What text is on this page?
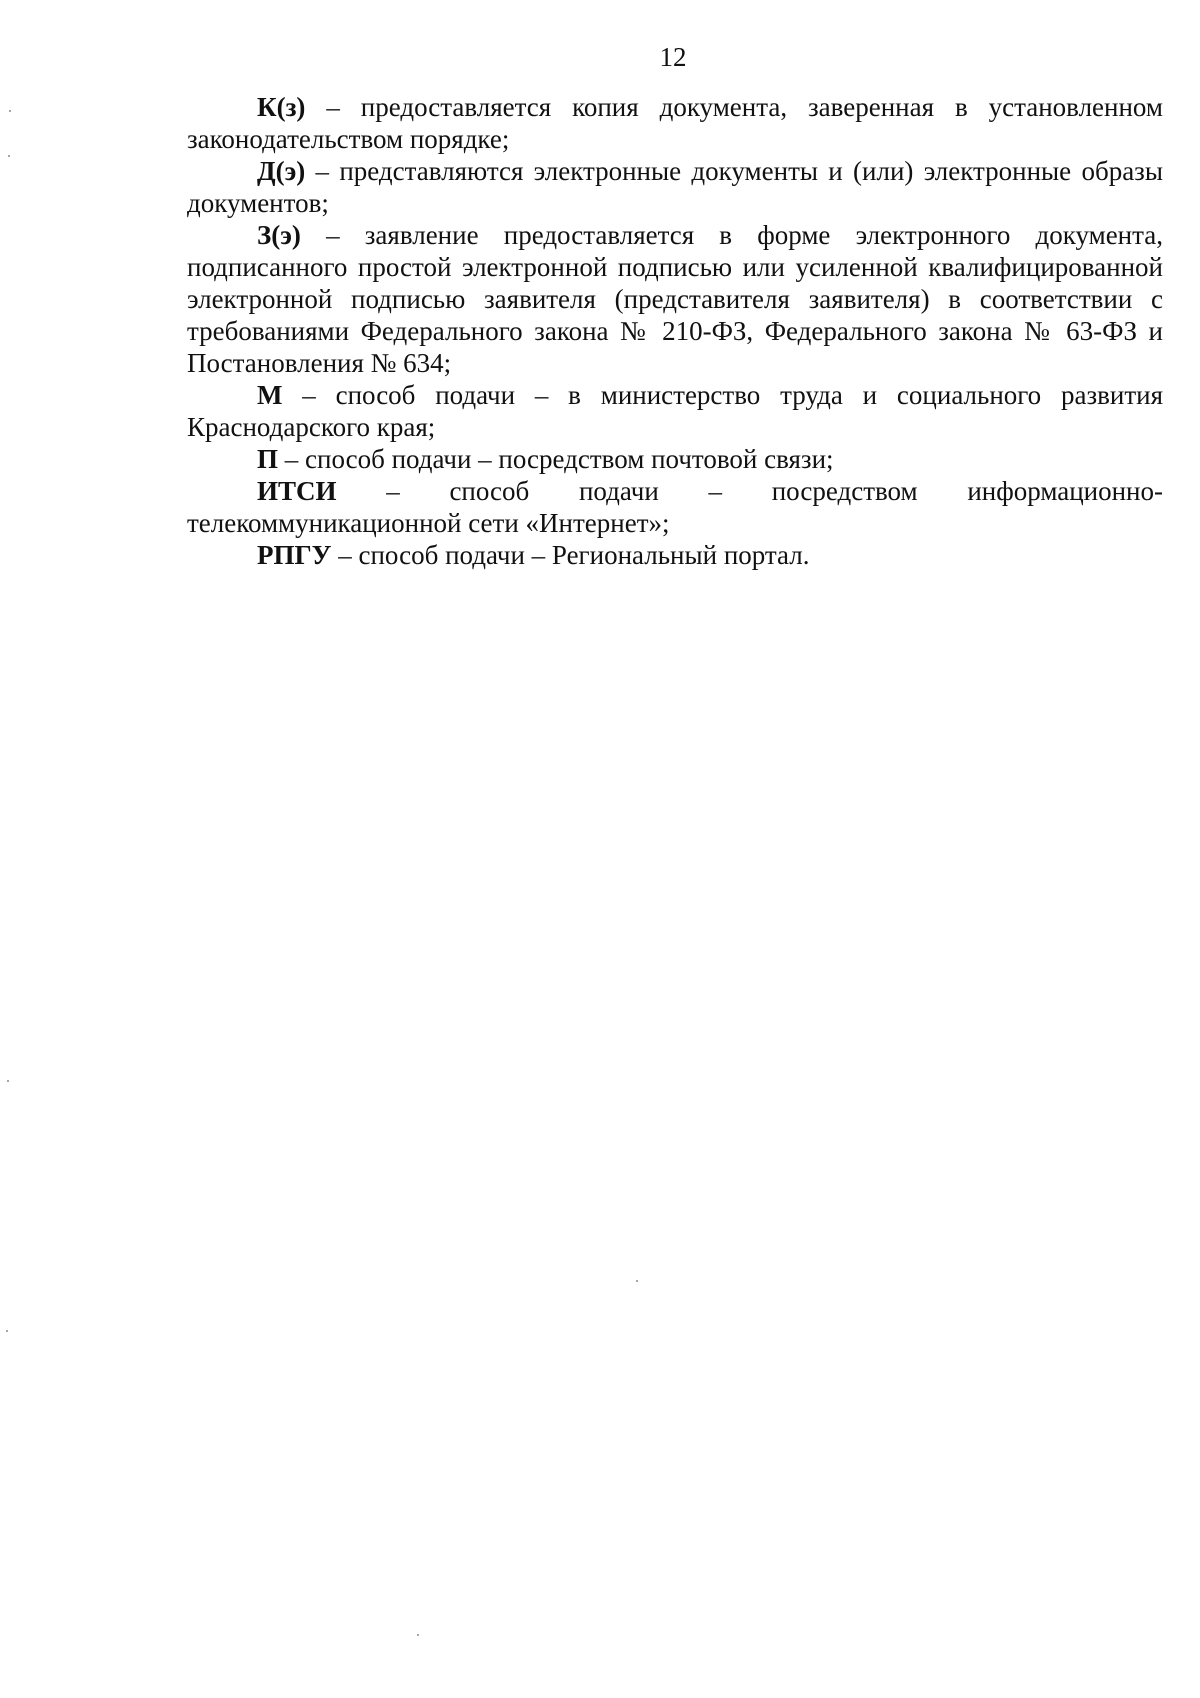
12

К(з) – предоставляется копия документа, заверенная в установленном законодательством порядке;

Д(э) – представляются электронные документы и (или) электронные образы документов;

З(э) – заявление предоставляется в форме электронного документа, подписанного простой электронной подписью или усиленной квалифицированной электронной подписью заявителя (представителя заявителя) в соответствии с требованиями Федерального закона № 210-ФЗ, Федерального закона № 63-ФЗ и Постановления № 634;

М – способ подачи – в министерство труда и социального развития Краснодарского края;

П – способ подачи – посредством почтовой связи;

ИТСИ – способ подачи – посредством информационно-телекоммуникационной сети «Интернет»;

РПГУ – способ подачи – Региональный портал.
